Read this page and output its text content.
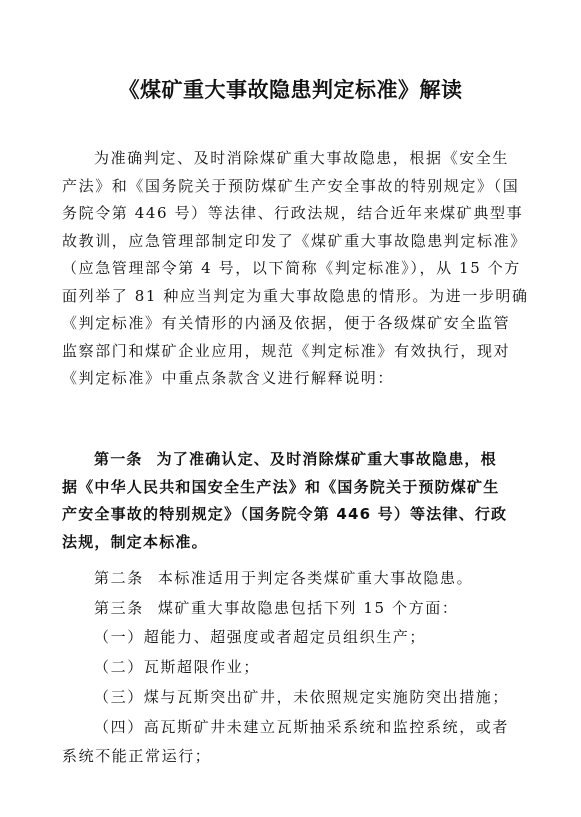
《煤矿重大事故隐患判定标准》解读
为准确判定、及时消除煤矿重大事故隐患，根据《安全生
产法》和《国务院关于预防煤矿生产安全事故的特别规定》（国
务院令第 446 号）等法律、行政法规，结合近年来煤矿典型事
故教训，应急管理部制定印发了《煤矿重大事故隐患判定标准》
（应急管理部令第 4 号，以下简称《判定标准》），从 15 个方
面列举了 81 种应当判定为重大事故隐患的情形。为进一步明确
《判定标准》有关情形的内涵及依据，便于各级煤矿安全监管
监察部门和煤矿企业应用，规范《判定标准》有效执行，现对
《判定标准》中重点条款含义进行解释说明：
第一条 为了准确认定、及时消除煤矿重大事故隐患，根
据《中华人民共和国安全生产法》和《国务院关于预防煤矿生
产安全事故的特别规定》（国务院令第 446 号）等法律、行政
法规，制定本标准。
第二条 本标准适用于判定各类煤矿重大事故隐患。
第三条 煤矿重大事故隐患包括下列 15 个方面：
（一）超能力、超强度或者超定员组织生产；
（二）瓦斯超限作业；
（三）煤与瓦斯突出矿井，未依照规定实施防突出措施；
（四）高瓦斯矿井未建立瓦斯抽采系统和监控系统，或者
系统不能正常运行；
